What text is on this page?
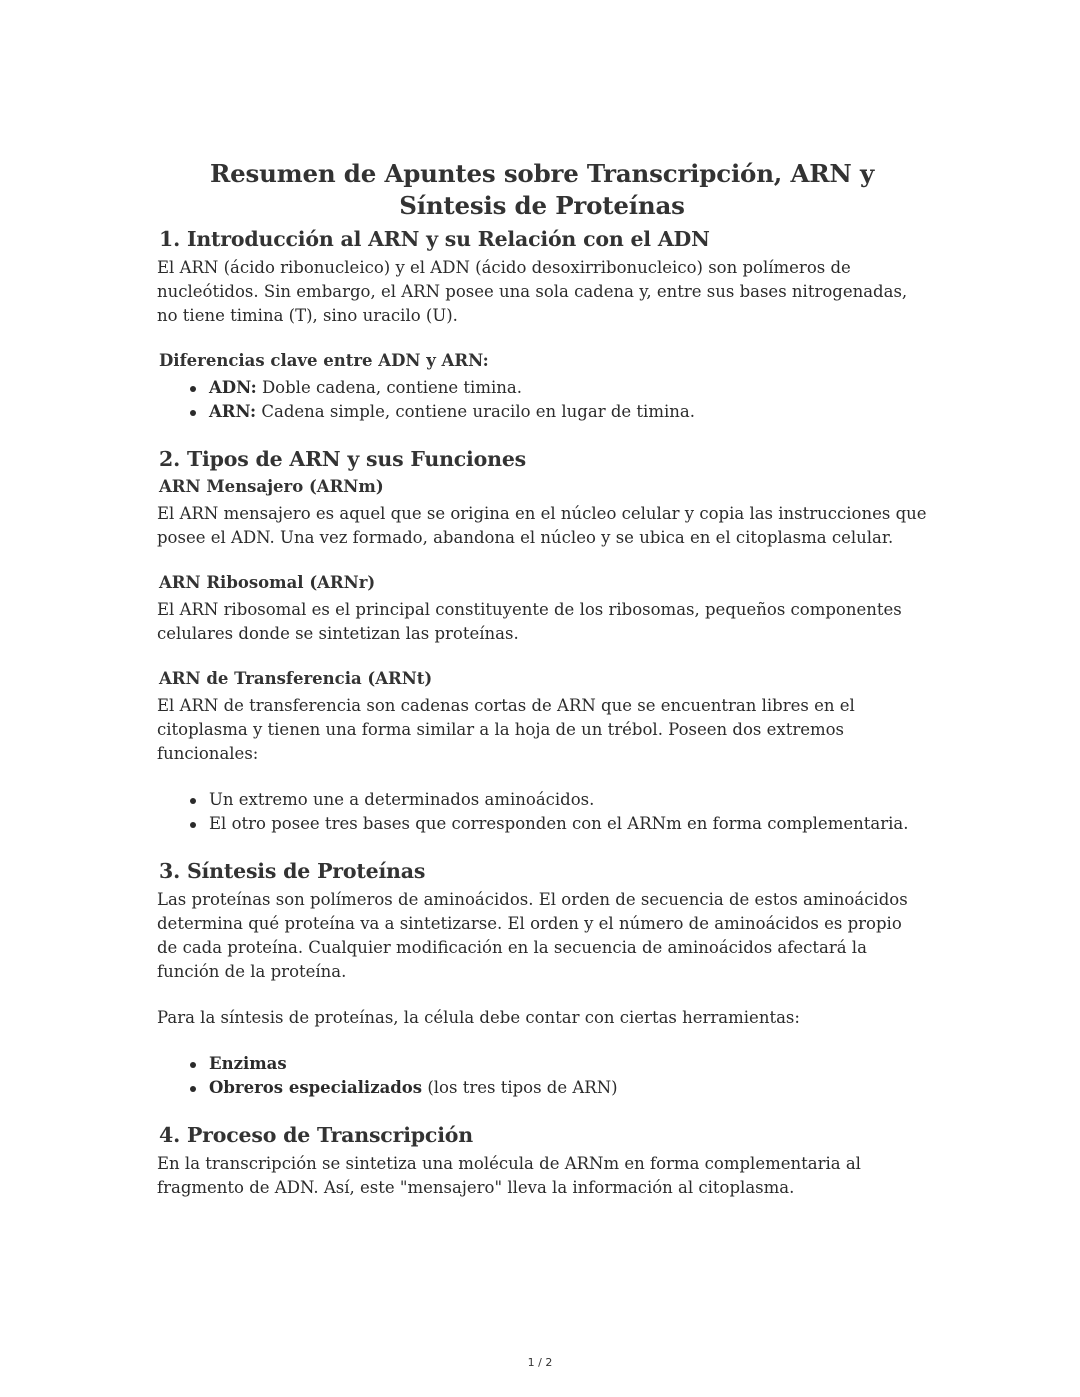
Resumen de Apuntes sobre Transcripción, ARN y Síntesis de Proteínas
1. Introducción al ARN y su Relación con el ADN

El ARN (ácido ribonucleico) y el ADN (ácido desoxirribonucleico) son polímeros de nucleótidos. Sin embargo, el ARN posee una sola cadena y, entre sus bases nitrogenadas, no tiene timina (T), sino uracilo (U).

Diferencias clave entre ADN y ARN:
ADN: Doble cadena, contiene timina.
ARN: Cadena simple, contiene uracilo en lugar de timina.
2. Tipos de ARN y sus Funciones
ARN Mensajero (ARNm)

El ARN mensajero es aquel que se origina en el núcleo celular y copia las instrucciones que posee el ADN. Una vez formado, abandona el núcleo y se ubica en el citoplasma celular.

ARN Ribosomal (ARNr)

El ARN ribosomal es el principal constituyente de los ribosomas, pequeños componentes celulares donde se sintetizan las proteínas.

ARN de Transferencia (ARNt)

El ARN de transferencia son cadenas cortas de ARN que se encuentran libres en el citoplasma y tienen una forma similar a la hoja de un trébol. Poseen dos extremos funcionales:

Un extremo une a determinados aminoácidos.
El otro posee tres bases que corresponden con el ARNm en forma complementaria.
3. Síntesis de Proteínas

Las proteínas son polímeros de aminoácidos. El orden de secuencia de estos aminoácidos determina qué proteína va a sintetizarse. El orden y el número de aminoácidos es propio de cada proteína. Cualquier modificación en la secuencia de aminoácidos afectará la función de la proteína.

Para la síntesis de proteínas, la célula debe contar con ciertas herramientas:

Enzimas
Obreros especializados (los tres tipos de ARN)
4. Proceso de Transcripción

En la transcripción se sintetiza una molécula de ARNm en forma complementaria al fragmento de ADN. Así, este "mensajero" lleva la información al citoplasma.

1 / 2
